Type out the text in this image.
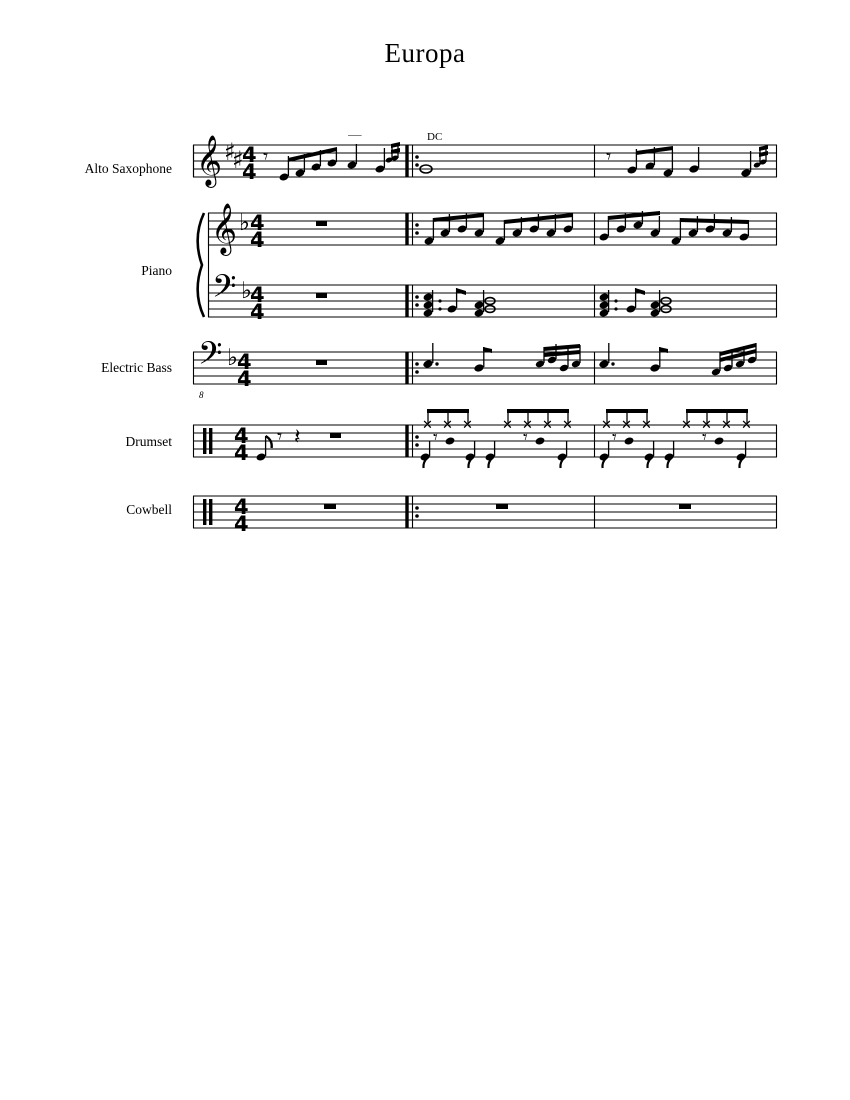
Europa
Alto Saxophone
Piano
Electric Bass
Drumset
Cowbell
DC
8
𝄞 ♯
♯
4
4
𝄾
𝄖
𝄾
𝄞 ♭ 4
4
𝄢 ♭
4
4
𝄢 ♭ 4
4
4
4
𝄾 𝄽	✕ ✕ ✕ ✕ ✕ ✕ ✕
𝄾	𝄾
✕ ✕ ✕ ✕ ✕ ✕ ✕
𝄾	𝄾
4
4
